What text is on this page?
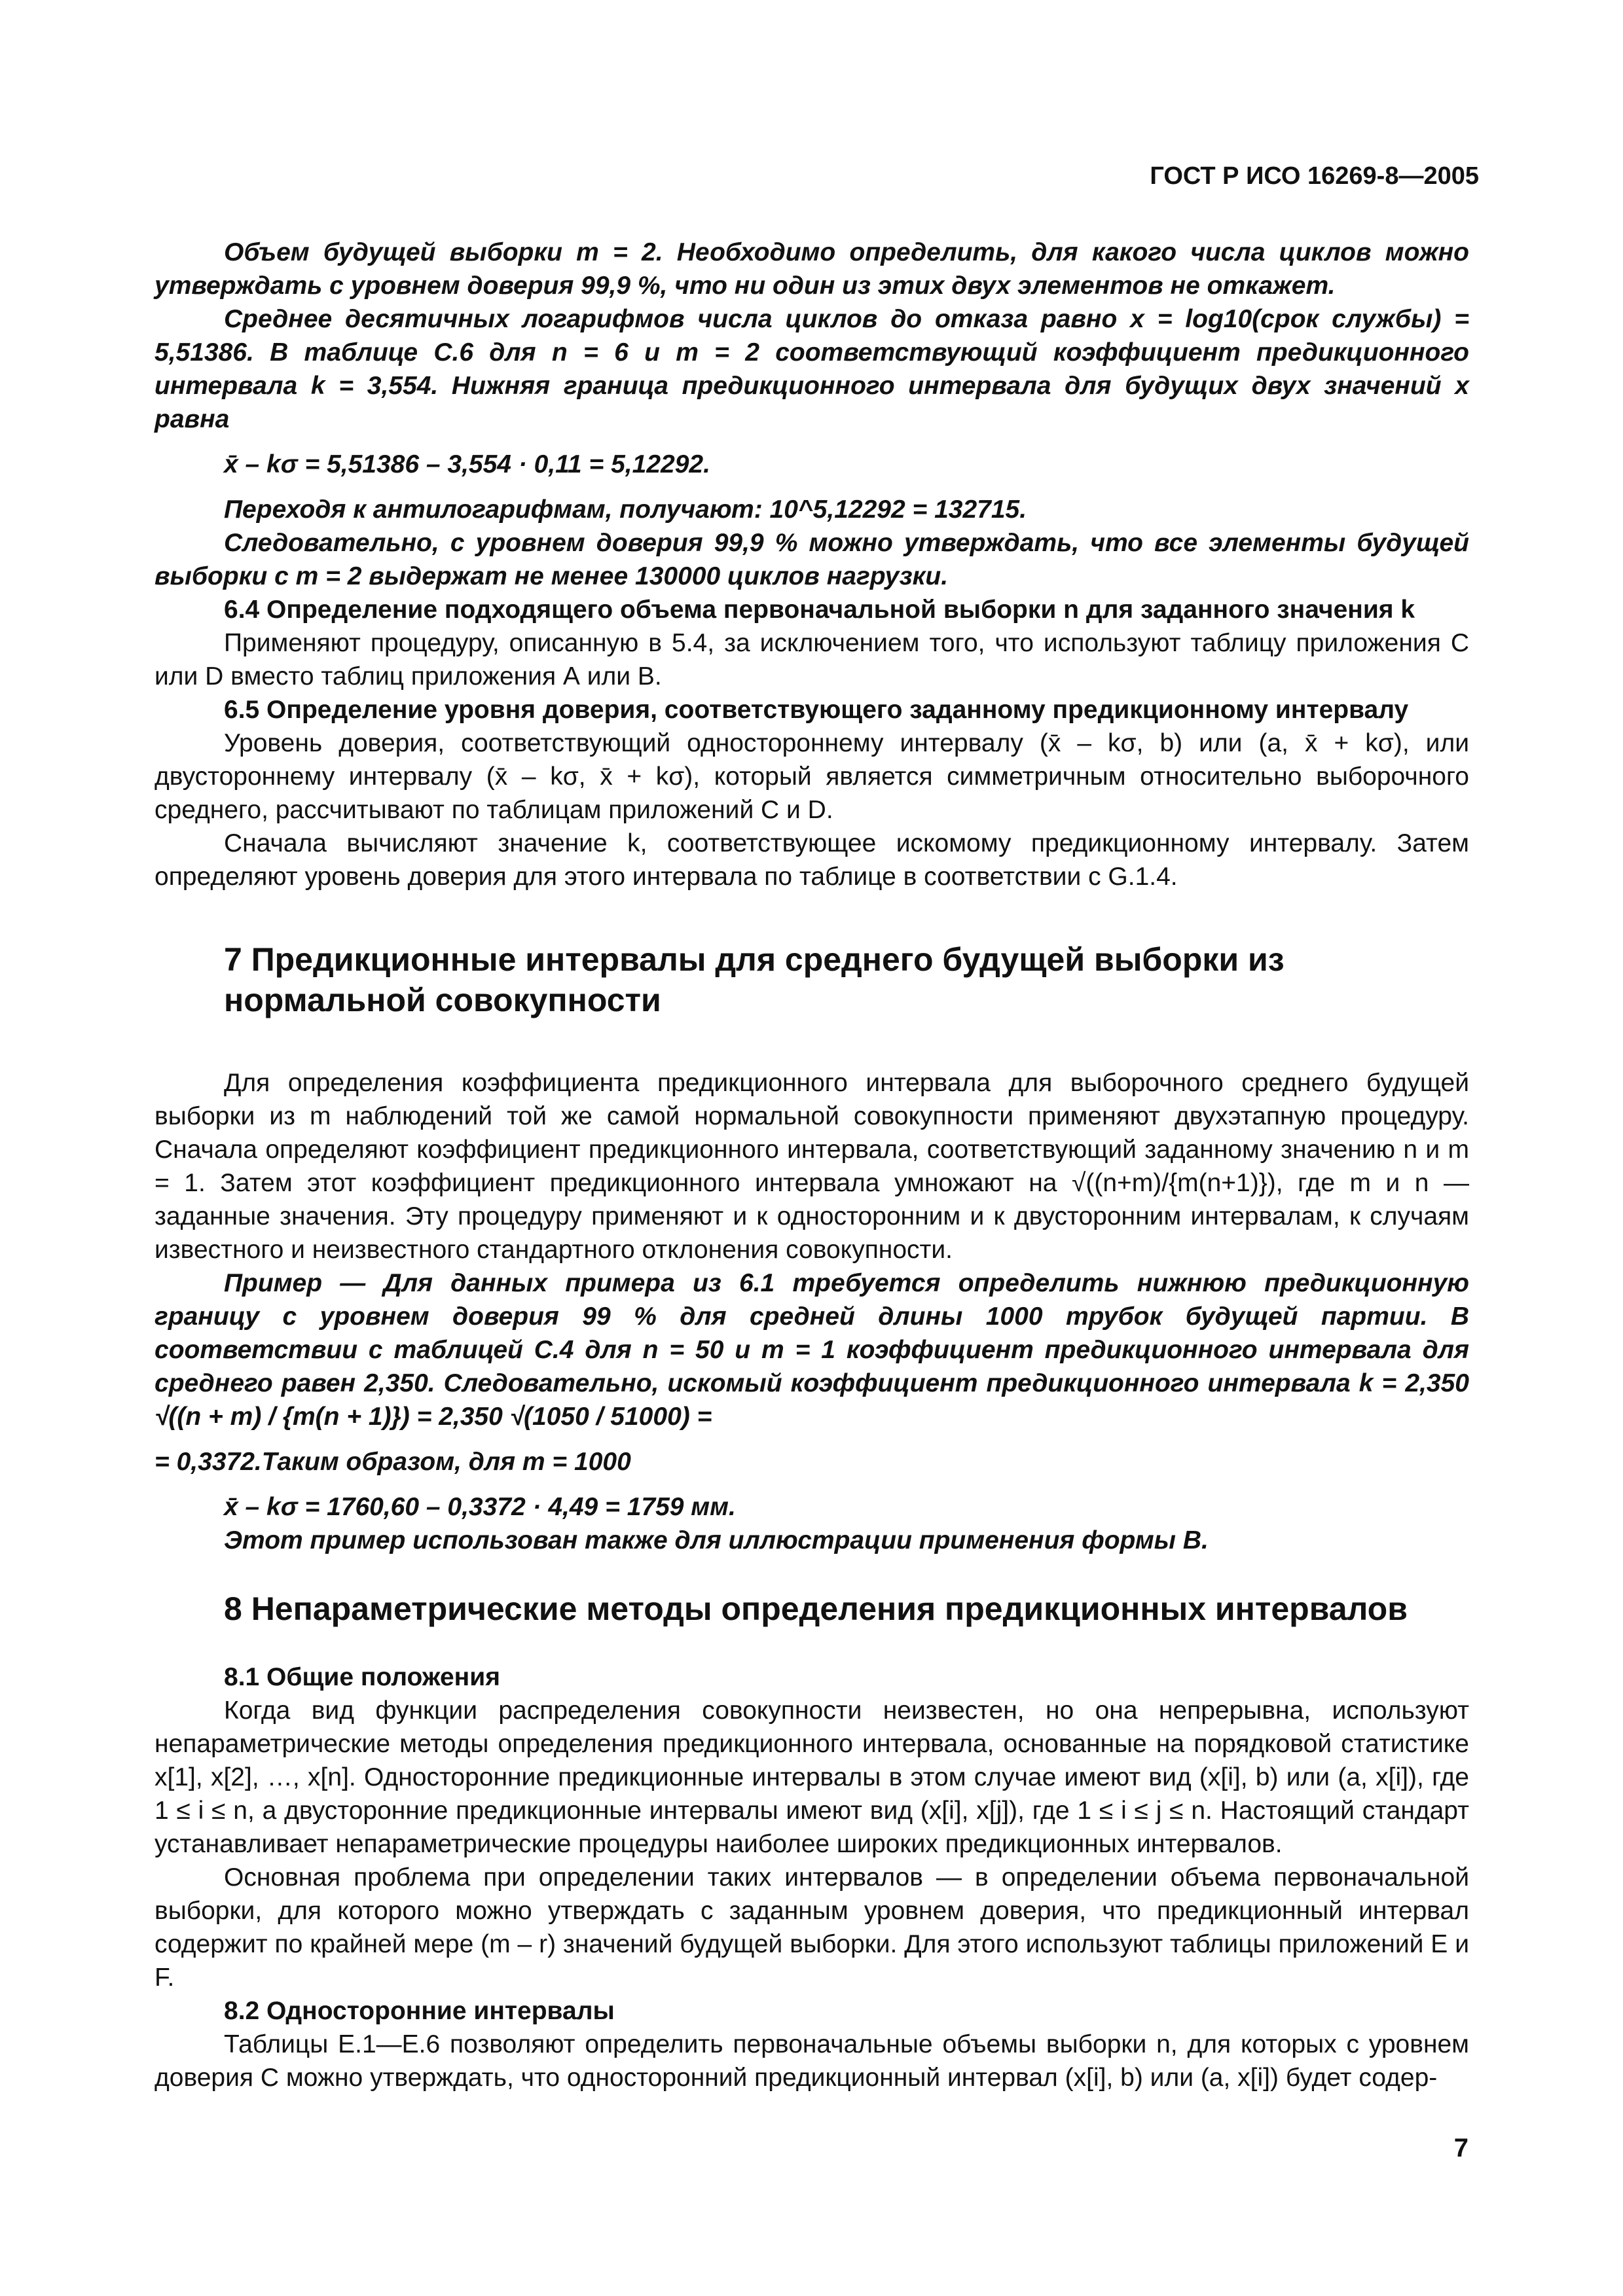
ГОСТ Р ИСО 16269-8—2005

Объем будущей выборки m = 2. Необходимо определить, для какого числа циклов можно утверждать с уровнем доверия 99,9 %, что ни один из этих двух элементов не откажет.

Среднее десятичных логарифмов числа циклов до отказа равно x = log10(срок службы) = 5,51386. В таблице С.6 для n = 6 и m = 2 соответствующий коэффициент предикционного интервала k = 3,554. Нижняя граница предикционного интервала для будущих двух значений x равна

x̄ – kσ = 5,51386 – 3,554 · 0,11 = 5,12292.

Переходя к антилогарифмам, получают: 10^5,12292 = 132715.

Следовательно, с уровнем доверия 99,9 % можно утверждать, что все элементы будущей выборки с m = 2 выдержат не менее 130000 циклов нагрузки.

6.4 Определение подходящего объема первоначальной выборки n для заданного значения k

Применяют процедуру, описанную в 5.4, за исключением того, что используют таблицу приложения С или D вместо таблиц приложения А или В.

6.5 Определение уровня доверия, соответствующего заданному предикционному интервалу

Уровень доверия, соответствующий одностороннему интервалу (x̄ – kσ, b) или (a, x̄ + kσ), или двустороннему интервалу (x̄ – kσ, x̄ + kσ), который является симметричным относительно выборочного среднего, рассчитывают по таблицам приложений С и D.

Сначала вычисляют значение k, соответствующее искомому предикционному интервалу. Затем определяют уровень доверия для этого интервала по таблице в соответствии с G.1.4.

7 Предикционные интервалы для среднего будущей выборки из нормальной совокупности

Для определения коэффициента предикционного интервала для выборочного среднего будущей выборки из m наблюдений той же самой нормальной совокупности применяют двухэтапную процедуру. Сначала определяют коэффициент предикционного интервала, соответствующий заданному значению n и m = 1. Затем этот коэффициент предикционного интервала умножают на √((n+m)/{m(n+1)}), где m и n — заданные значения. Эту процедуру применяют и к односторонним и к двусторонним интервалам, к случаям известного и неизвестного стандартного отклонения совокупности.

Пример — Для данных примера из 6.1 требуется определить нижнюю предикционную границу с уровнем доверия 99 % для средней длины 1000 трубок будущей партии. В соответствии с таблицей С.4 для n = 50 и m = 1 коэффициент предикционного интервала для среднего равен 2,350. Следовательно, искомый коэффициент предикционного интервала k = 2,350 √((n + m) / {m(n + 1)}) = 2,350 √(1050 / 51000) =

= 0,3372.Таким образом, для m = 1000

x̄ – kσ = 1760,60 – 0,3372 · 4,49 = 1759 мм.

Этот пример использован также для иллюстрации применения формы В.

8 Непараметрические методы определения предикционных интервалов

8.1 Общие положения

Когда вид функции распределения совокупности неизвестен, но она непрерывна, используют непараметрические методы определения предикционного интервала, основанные на порядковой статистике x[1], x[2], …, x[n]. Односторонние предикционные интервалы в этом случае имеют вид (x[i], b) или (a, x[i]), где 1 ≤ i ≤ n, а двусторонние предикционные интервалы имеют вид (x[i], x[j]), где 1 ≤ i ≤ j ≤ n. Настоящий стандарт устанавливает непараметрические процедуры наиболее широких предикционных интервалов.

Основная проблема при определении таких интервалов — в определении объема первоначальной выборки, для которого можно утверждать с заданным уровнем доверия, что предикционный интервал содержит по крайней мере (m – r) значений будущей выборки. Для этого используют таблицы приложений Е и F.

8.2 Односторонние интервалы

Таблицы Е.1—Е.6 позволяют определить первоначальные объемы выборки n, для которых с уровнем доверия С можно утверждать, что односторонний предикционный интервал (x[i], b) или (a, x[i]) будет содер-

7
